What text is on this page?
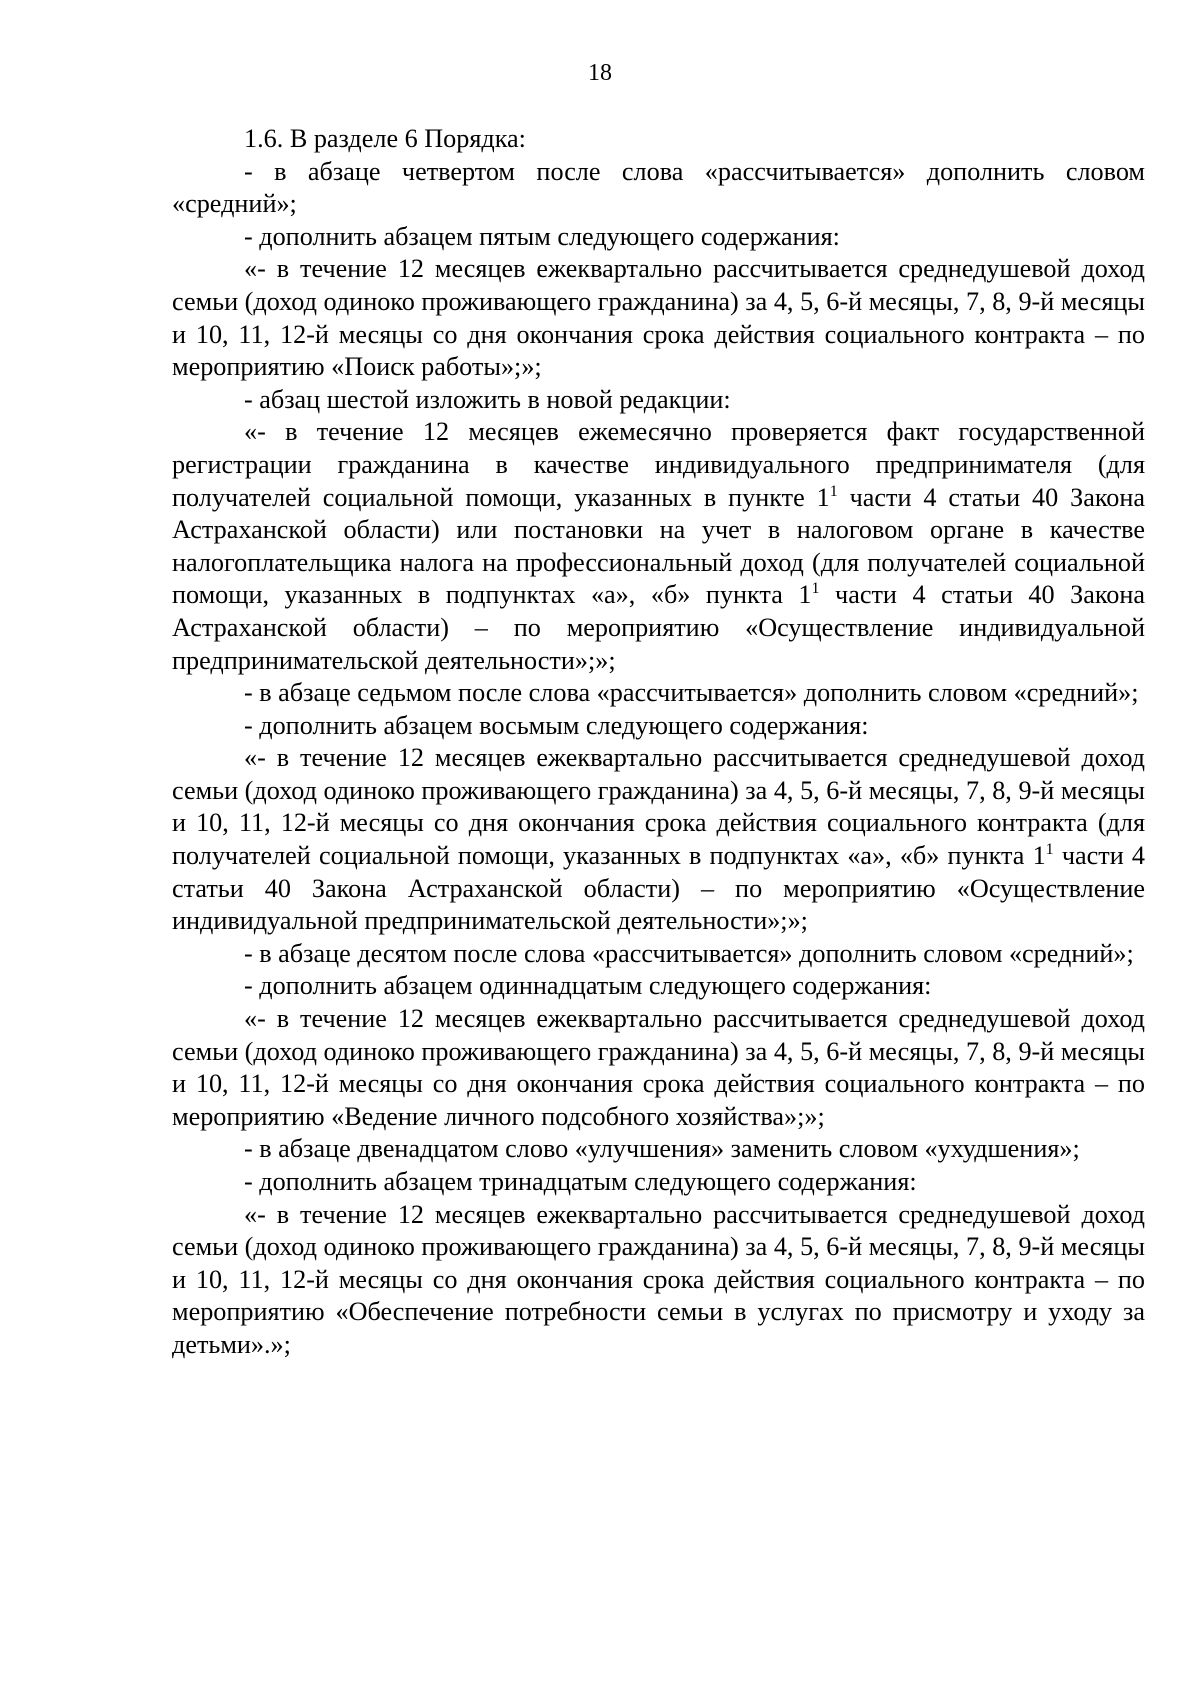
18

1.6. В разделе 6 Порядка:

- в абзаце четвертом после слова «рассчитывается» дополнить словом «средний»;

- дополнить абзацем пятым следующего содержания:

«- в течение 12 месяцев ежеквартально рассчитывается среднедушевой доход семьи (доход одиноко проживающего гражданина) за 4, 5, 6-й месяцы, 7, 8, 9-й месяцы и 10, 11, 12-й месяцы со дня окончания срока действия социального контракта – по мероприятию «Поиск работы»;»;

- абзац шестой изложить в новой редакции:

«- в течение 12 месяцев ежемесячно проверяется факт государственной регистрации гражданина в качестве индивидуального предпринимателя (для получателей социальной помощи, указанных в пункте $1^1$ части 4 статьи 40 Закона Астраханской области) или постановки на учет в налоговом органе в качестве налогоплательщика налога на профессиональный доход (для получателей социальной помощи, указанных в подпунктах «а», «б» пункта $1^1$ части 4 статьи 40 Закона Астраханской области) – по мероприятию «Осуществление индивидуальной предпринимательской деятельности»;»;

- в абзаце седьмом после слова «рассчитывается» дополнить словом «средний»;

- дополнить абзацем восьмым следующего содержания:

«- в течение 12 месяцев ежеквартально рассчитывается среднедушевой доход семьи (доход одиноко проживающего гражданина) за 4, 5, 6-й месяцы, 7, 8, 9-й месяцы и 10, 11, 12-й месяцы со дня окончания срока действия социального контракта (для получателей социальной помощи, указанных в подпунктах «а», «б» пункта $1^1$ части 4 статьи 40 Закона Астраханской области) – по мероприятию «Осуществление индивидуальной предпринимательской деятельности»;»;

- в абзаце десятом после слова «рассчитывается» дополнить словом «средний»;

- дополнить абзацем одиннадцатым следующего содержания:

«- в течение 12 месяцев ежеквартально рассчитывается среднедушевой доход семьи (доход одиноко проживающего гражданина) за 4, 5, 6-й месяцы, 7, 8, 9-й месяцы и 10, 11, 12-й месяцы со дня окончания срока действия социального контракта – по мероприятию «Ведение личного подсобного хозяйства»;»;

- в абзаце двенадцатом слово «улучшения» заменить словом «ухудшения»;

- дополнить абзацем тринадцатым следующего содержания:

«- в течение 12 месяцев ежеквартально рассчитывается среднедушевой доход семьи (доход одиноко проживающего гражданина) за 4, 5, 6-й месяцы, 7, 8, 9-й месяцы и 10, 11, 12-й месяцы со дня окончания срока действия социального контракта – по мероприятию «Обеспечение потребности семьи в услугах по присмотру и уходу за детьми».»;
